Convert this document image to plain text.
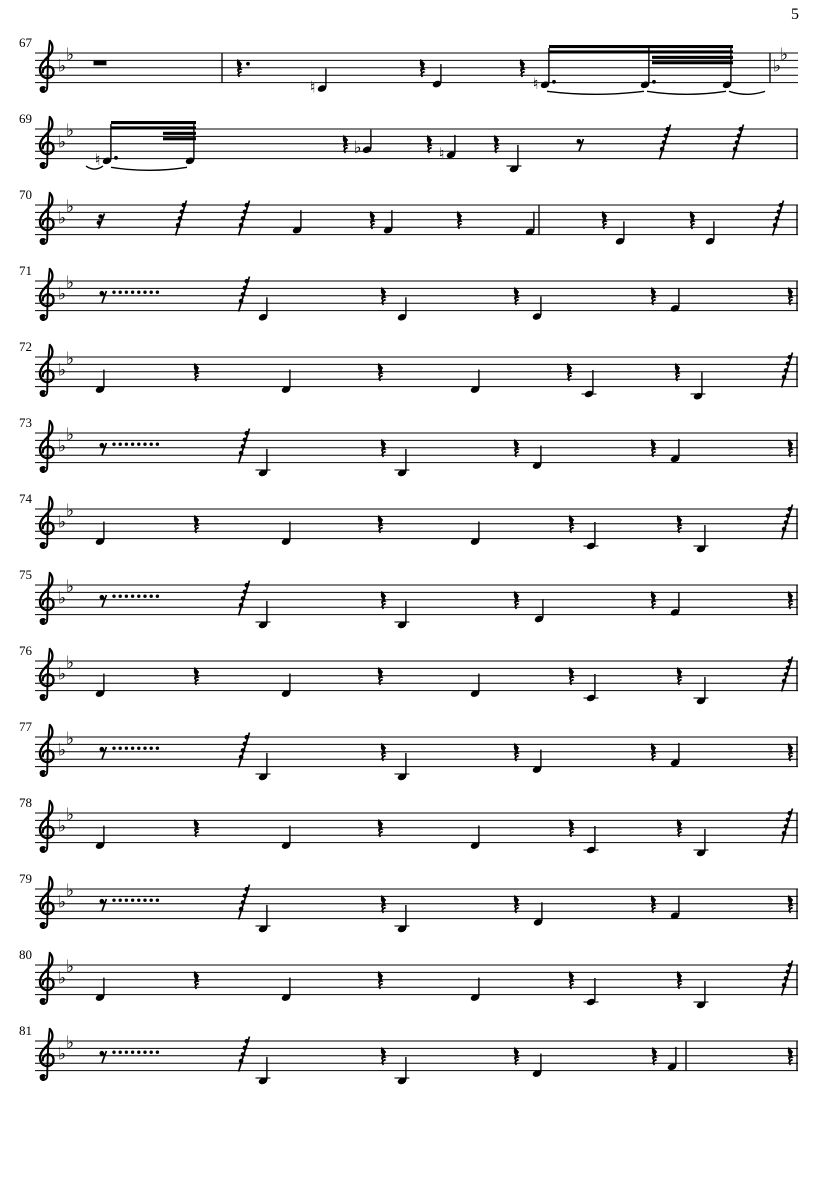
5
67
♭
♭
♮	♮
♭
♭
69
♭
♭
♮
♭	♮
70
♭
♭
71
♭
♭
72
♭
♭
73
♭
♭
74
♭
♭
75
♭
♭
76
♭
♭
77
♭
♭
78
♭
♭
79
♭
♭
80
♭
♭
81
♭
♭
